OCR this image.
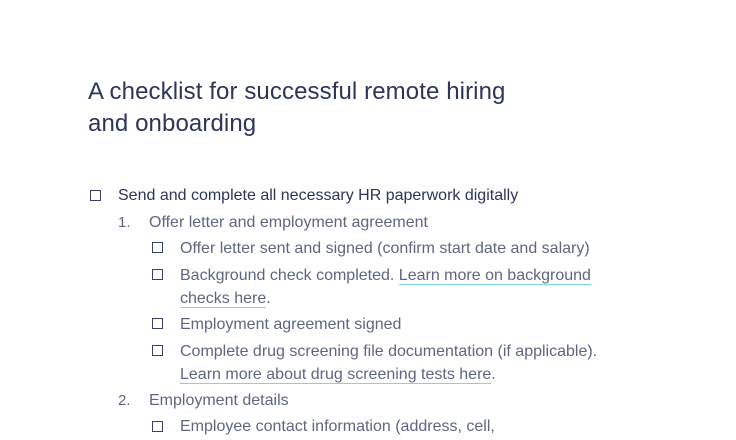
A checklist for successful remote hiring
and onboarding
Send and complete all necessary HR paperwork digitally
1. Offer letter and employment agreement
Offer letter sent and signed (confirm start date and salary)
Background check completed. Learn more on background
checks here.
Employment agreement signed
Complete drug screening file documentation (if applicable).
Learn more about drug screening tests here.
2. Employment details
Employee contact information (address, cell,
